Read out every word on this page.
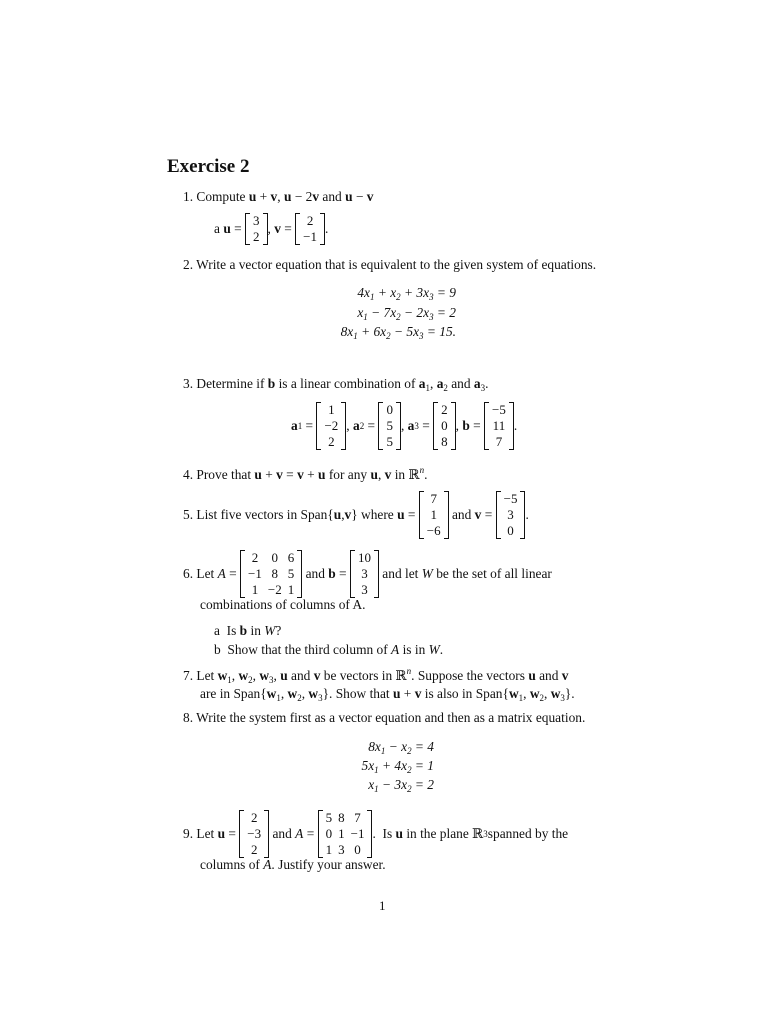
Exercise 2
1. Compute u + v, u − 2v and u − v
a
u =
3
2
, v =
2
−1
.
2. Write a vector equation that is equivalent to the given system of equations.
$4x_1 + x_2 + 3x_3 = 9$
$x_1 - 7x_2 - 2x_3 = 2$
$8x_1 + 6x_2 - 5x_3 = 15$.
3. Determine if b is a linear combination of $a_1$, $a_2$ and $a_3$.
a 1 =
1
−2
2
, a 2 =
0
5
5
, a 3 =
2
0
8
, b =
−5
11
7
.
4. Prove that u + v = v + u for any u, v in ℝ$^n$.
5. List five vectors in Span{ u , v } where u =
7
1
−6
and v =
−5
3
0
.
6. Let A =
2	0	6
−1	8	5
1	−2	1
and b =
10
3
3
and let W be the set of all linear
combinations of columns of A.
a  Is b in W?
b  Show that the third column of A is in W.
7. Let $w_1$, $w_2$, $w_3$, u and v be vectors in ℝ$^n$. Suppose the vectors u and v
are in $Span\{w_1$, $w_2$, $w_3$}. Show that u + v is also in $Span\{w_1$, $w_2$, $w_3$}.
8. Write the system first as a vector equation and then as a matrix equation.
$8x_1 - x_2 = 4$
$5x_1 + 4x_2 = 1$
$x_1 - 3x_2 = 2$
9. Let u =
2
−3
2
and A =
5	8	7
0	1	−1
1	3	0
.  Is u in the plane ℝ 3 spanned by the
columns of A. Justify your answer.
1
